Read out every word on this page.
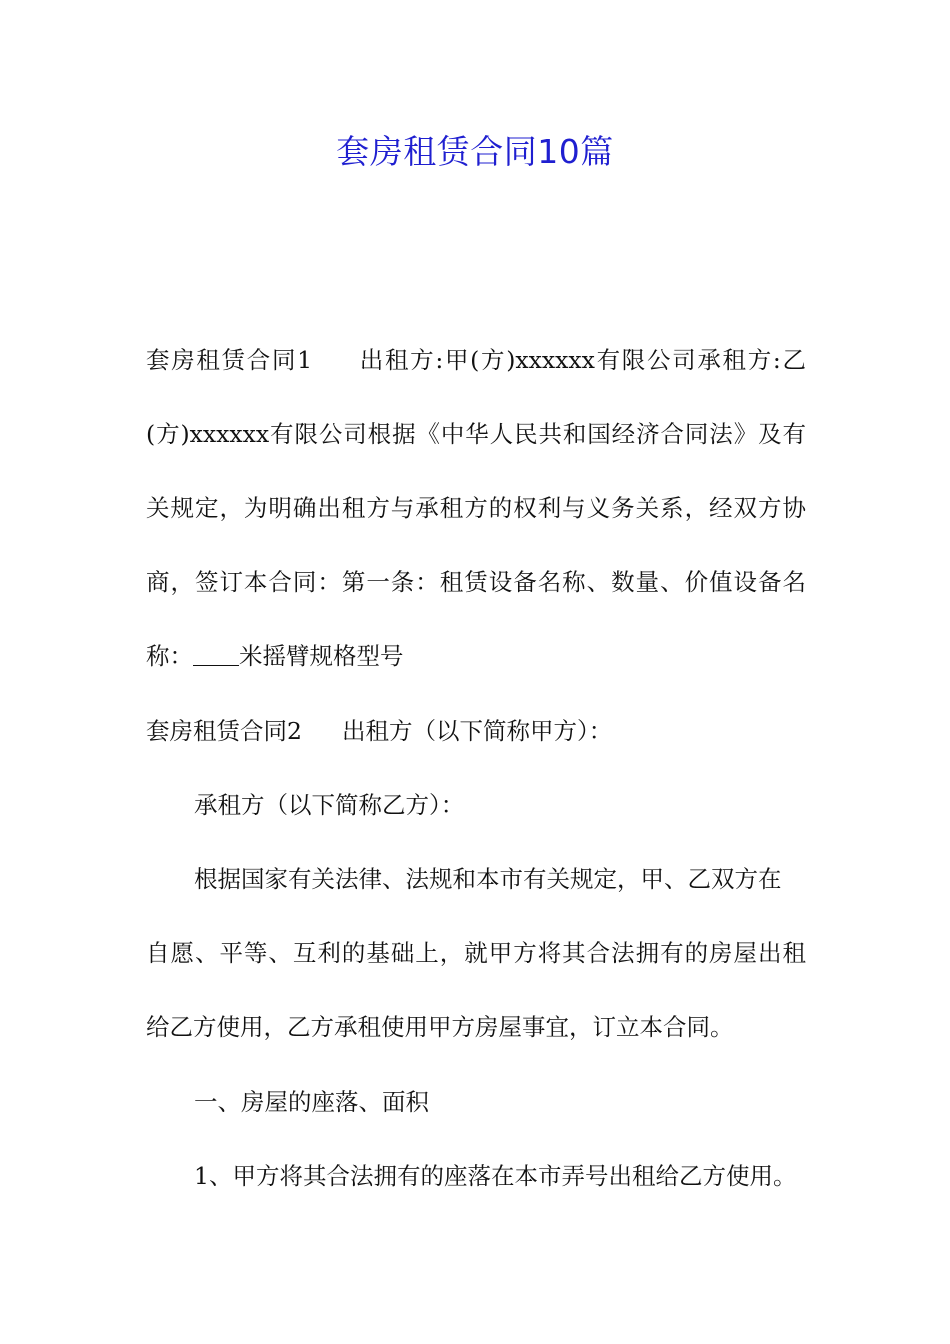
套房租赁合同10篇

套房租赁合同1 出租方:甲(方)xxxxxx有限公司承租方:乙

(方)xxxxxx有限公司根据《中华人民共和国经济合同法》及有

关规定，为明确出租方与承租方的权利与义务关系，经双方协

商，签订本合同：第一条：租赁设备名称、数量、价值设备名

称： 米摇臂规格型号

套房租赁合同2 出租方（以下简称甲方）：

承租方（以下简称乙方）：

根据国家有关法律、法规和本市有关规定，甲、乙双方在

自愿、平等、互利的基础上，就甲方将其合法拥有的房屋出租

给乙方使用，乙方承租使用甲方房屋事宜，订立本合同。

一、房屋的座落、面积

1、甲方将其合法拥有的座落在本市弄号出租给乙方使用。
